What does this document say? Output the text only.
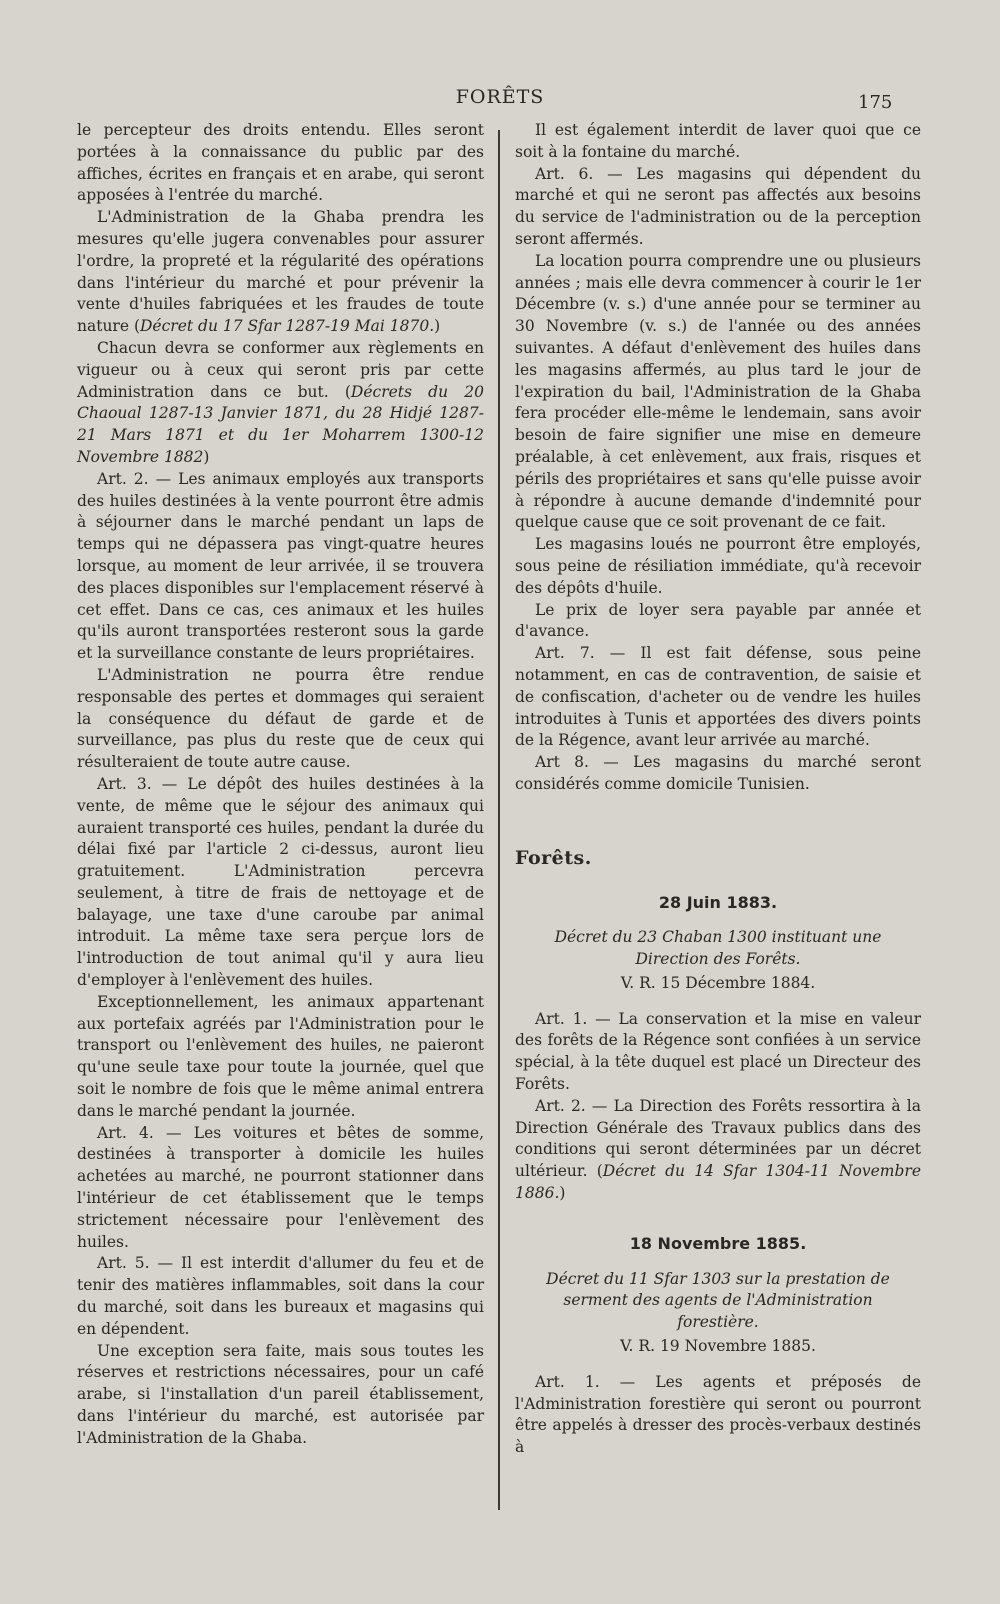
FORÊTS	175

le percepteur des droits entendu. Elles seront portées à la connaissance du public par des affiches, écrites en français et en arabe, qui seront apposées à l'entrée du marché.

L'Administration de la Ghaba prendra les mesures qu'elle jugera convenables pour assurer l'ordre, la propreté et la régularité des opérations dans l'intérieur du marché et pour prévenir la vente d'huiles fabriquées et les fraudes de toute nature (Décret du 17 Sfar 1287-19 Mai 1870.)

Chacun devra se conformer aux règlements en vigueur ou à ceux qui seront pris par cette Administration dans ce but. (Décrets du 20 Chaoual 1287-13 Janvier 1871, du 28 Hidjé 1287-21 Mars 1871 et du 1er Moharrem 1300-12 Novembre 1882)

Art. 2. — Les animaux employés aux transports des huiles destinées à la vente pourront être admis à séjourner dans le marché pendant un laps de temps qui ne dépassera pas vingt-quatre heures lorsque, au moment de leur arrivée, il se trouvera des places disponibles sur l'emplacement réservé à cet effet. Dans ce cas, ces animaux et les huiles qu'ils auront transportées resteront sous la garde et la surveillance constante de leurs propriétaires.

L'Administration ne pourra être rendue responsable des pertes et dommages qui seraient la conséquence du défaut de garde et de surveillance, pas plus du reste que de ceux qui résulteraient de toute autre cause.

Art. 3. — Le dépôt des huiles destinées à la vente, de même que le séjour des animaux qui auraient transporté ces huiles, pendant la durée du délai fixé par l'article 2 ci-dessus, auront lieu gratuitement. L'Administration percevra seulement, à titre de frais de nettoyage et de balayage, une taxe d'une caroube par animal introduit. La même taxe sera perçue lors de l'introduction de tout animal qu'il y aura lieu d'employer à l'enlèvement des huiles.

Exceptionnellement, les animaux appartenant aux portefaix agréés par l'Administration pour le transport ou l'enlèvement des huiles, ne paieront qu'une seule taxe pour toute la journée, quel que soit le nombre de fois que le même animal entrera dans le marché pendant la journée.

Art. 4. — Les voitures et bêtes de somme, destinées à transporter à domicile les huiles achetées au marché, ne pourront stationner dans l'intérieur de cet établissement que le temps strictement nécessaire pour l'enlèvement des huiles.

Art. 5. — Il est interdit d'allumer du feu et de tenir des matières inflammables, soit dans la cour du marché, soit dans les bureaux et magasins qui en dépendent.

Une exception sera faite, mais sous toutes les réserves et restrictions nécessaires, pour un café arabe, si l'installation d'un pareil établissement, dans l'intérieur du marché, est autorisée par l'Administration de la Ghaba.

Il est également interdit de laver quoi que ce soit à la fontaine du marché.

Art. 6. — Les magasins qui dépendent du marché et qui ne seront pas affectés aux besoins du service de l'administration ou de la perception seront affermés.

La location pourra comprendre une ou plusieurs années ; mais elle devra commencer à courir le 1er Décembre (v. s.) d'une année pour se terminer au 30 Novembre (v. s.) de l'année ou des années suivantes. A défaut d'enlèvement des huiles dans les magasins affermés, au plus tard le jour de l'expiration du bail, l'Administration de la Ghaba fera procéder elle-même le lendemain, sans avoir besoin de faire signifier une mise en demeure préalable, à cet enlèvement, aux frais, risques et périls des propriétaires et sans qu'elle puisse avoir à répondre à aucune demande d'indemnité pour quelque cause que ce soit provenant de ce fait.

Les magasins loués ne pourront être employés, sous peine de résiliation immédiate, qu'à recevoir des dépôts d'huile.

Le prix de loyer sera payable par année et d'avance.

Art. 7. — Il est fait défense, sous peine notamment, en cas de contravention, de saisie et de confiscation, d'acheter ou de vendre les huiles introduites à Tunis et apportées des divers points de la Régence, avant leur arrivée au marché.

Art 8. — Les magasins du marché seront considérés comme domicile Tunisien.

Forêts.
28 Juin 1883.
Décret du 23 Chaban 1300 instituant une Direction des Forêts.
V. R. 15 Décembre 1884.

Art. 1. — La conservation et la mise en valeur des forêts de la Régence sont confiées à un service spécial, à la tête duquel est placé un Directeur des Forêts.

Art. 2. — La Direction des Forêts ressortira à la Direction Générale des Travaux publics dans des conditions qui seront déterminées par un décret ultérieur. (Décret du 14 Sfar 1304-11 Novembre 1886.)

18 Novembre 1885.
Décret du 11 Sfar 1303 sur la prestation de serment des agents de l'Administration forestière.
V. R. 19 Novembre 1885.

Art. 1. — Les agents et préposés de l'Administration forestière qui seront ou pourront être appelés à dresser des procès-verbaux destinés à
